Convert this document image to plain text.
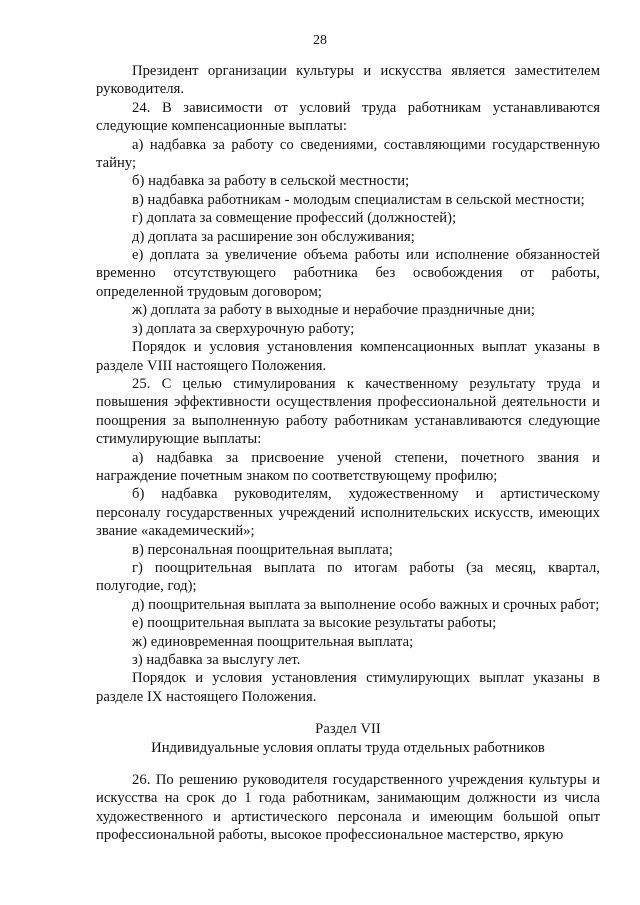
28

Президент организации культуры и искусства является заместителем руководителя.

24. В зависимости от условий труда работникам устанавливаются следующие компенсационные выплаты:

а) надбавка за работу со сведениями, составляющими государственную тайну;

б) надбавка за работу в сельской местности;

в) надбавка работникам - молодым специалистам в сельской местности;

г) доплата за совмещение профессий (должностей);

д) доплата за расширение зон обслуживания;

е) доплата за увеличение объема работы или исполнение обязанностей временно отсутствующего работника без освобождения от работы, определенной трудовым договором;

ж) доплата за работу в выходные и нерабочие праздничные дни;

з) доплата за сверхурочную работу;

Порядок и условия установления компенсационных выплат указаны в разделе VIII настоящего Положения.

25. С целью стимулирования к качественному результату труда и повышения эффективности осуществления профессиональной деятельности и поощрения за выполненную работу работникам устанавливаются следующие стимулирующие выплаты:

а) надбавка за присвоение ученой степени, почетного звания и награждение почетным знаком по соответствующему профилю;

б) надбавка руководителям, художественному и артистическому персоналу государственных учреждений исполнительских искусств, имеющих звание «академический»;

в) персональная поощрительная выплата;

г) поощрительная выплата по итогам работы (за месяц, квартал, полугодие, год);

д) поощрительная выплата за выполнение особо важных и срочных работ;

е) поощрительная выплата за высокие результаты работы;

ж) единовременная поощрительная выплата;

з) надбавка за выслугу лет.

Порядок и условия установления стимулирующих выплат указаны в разделе IX настоящего Положения.

Раздел VII

Индивидуальные условия оплаты труда отдельных работников

26. По решению руководителя государственного учреждения культуры и искусства на срок до 1 года работникам, занимающим должности из числа художественного и артистического персонала и имеющим большой опыт профессиональной работы, высокое профессиональное мастерство, яркую
